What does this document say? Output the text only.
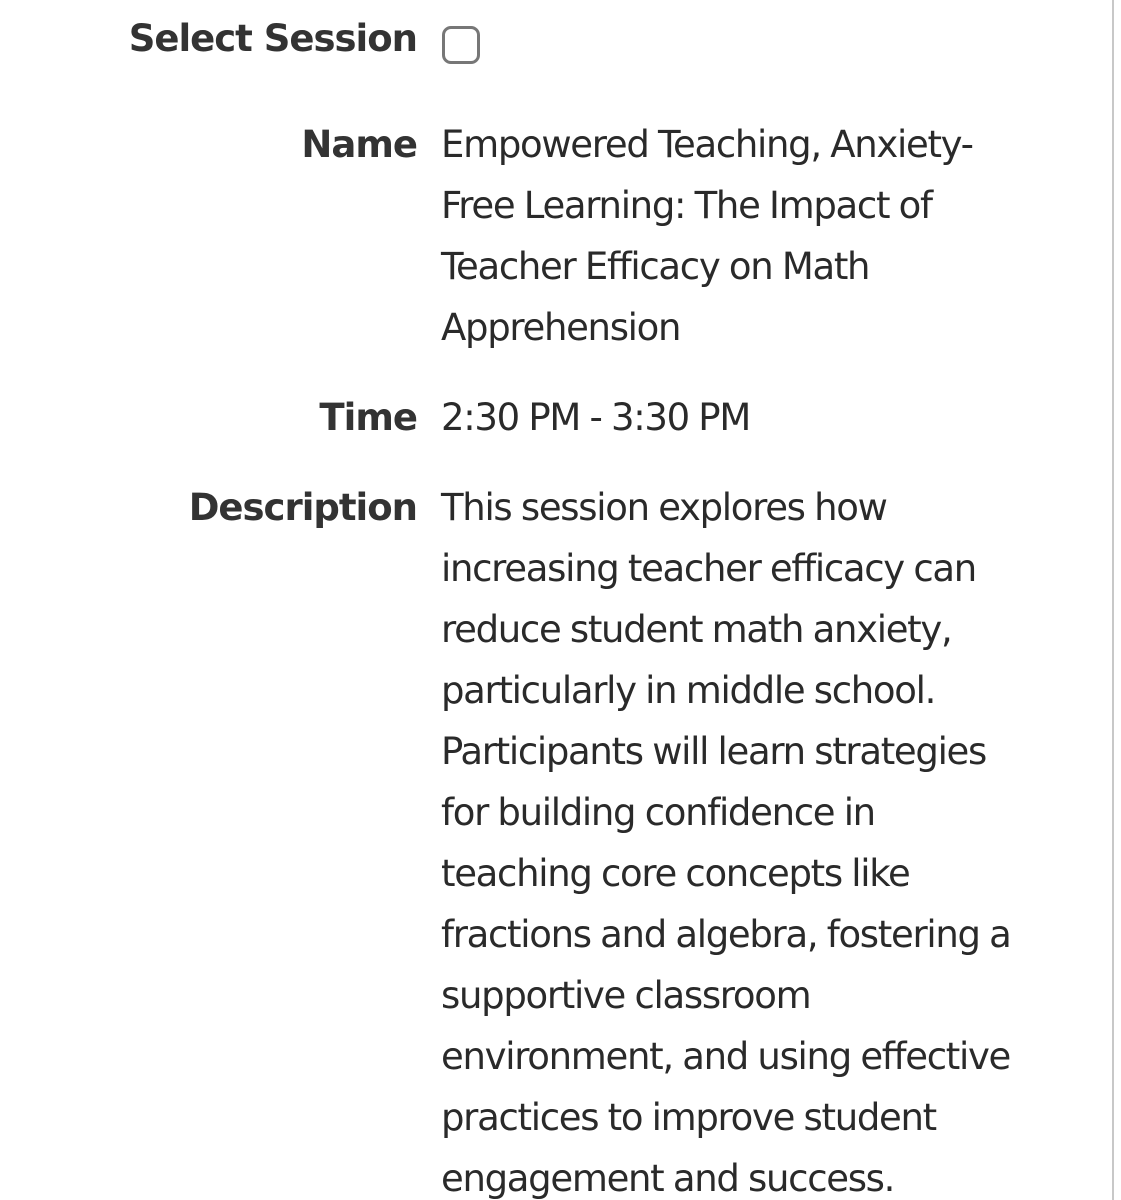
Select Session
Name Empowered Teaching, Anxiety-
Free Learning: The Impact of
Teacher Efficacy on Math
Apprehension
Time 2:30 PM - 3:30 PM
Description This session explores how
increasing teacher efficacy can
reduce student math anxiety,
particularly in middle school.
Participants will learn strategies
for building confidence in
teaching core concepts like
fractions and algebra, fostering a
supportive classroom
environment, and using effective
practices to improve student
engagement and success.
